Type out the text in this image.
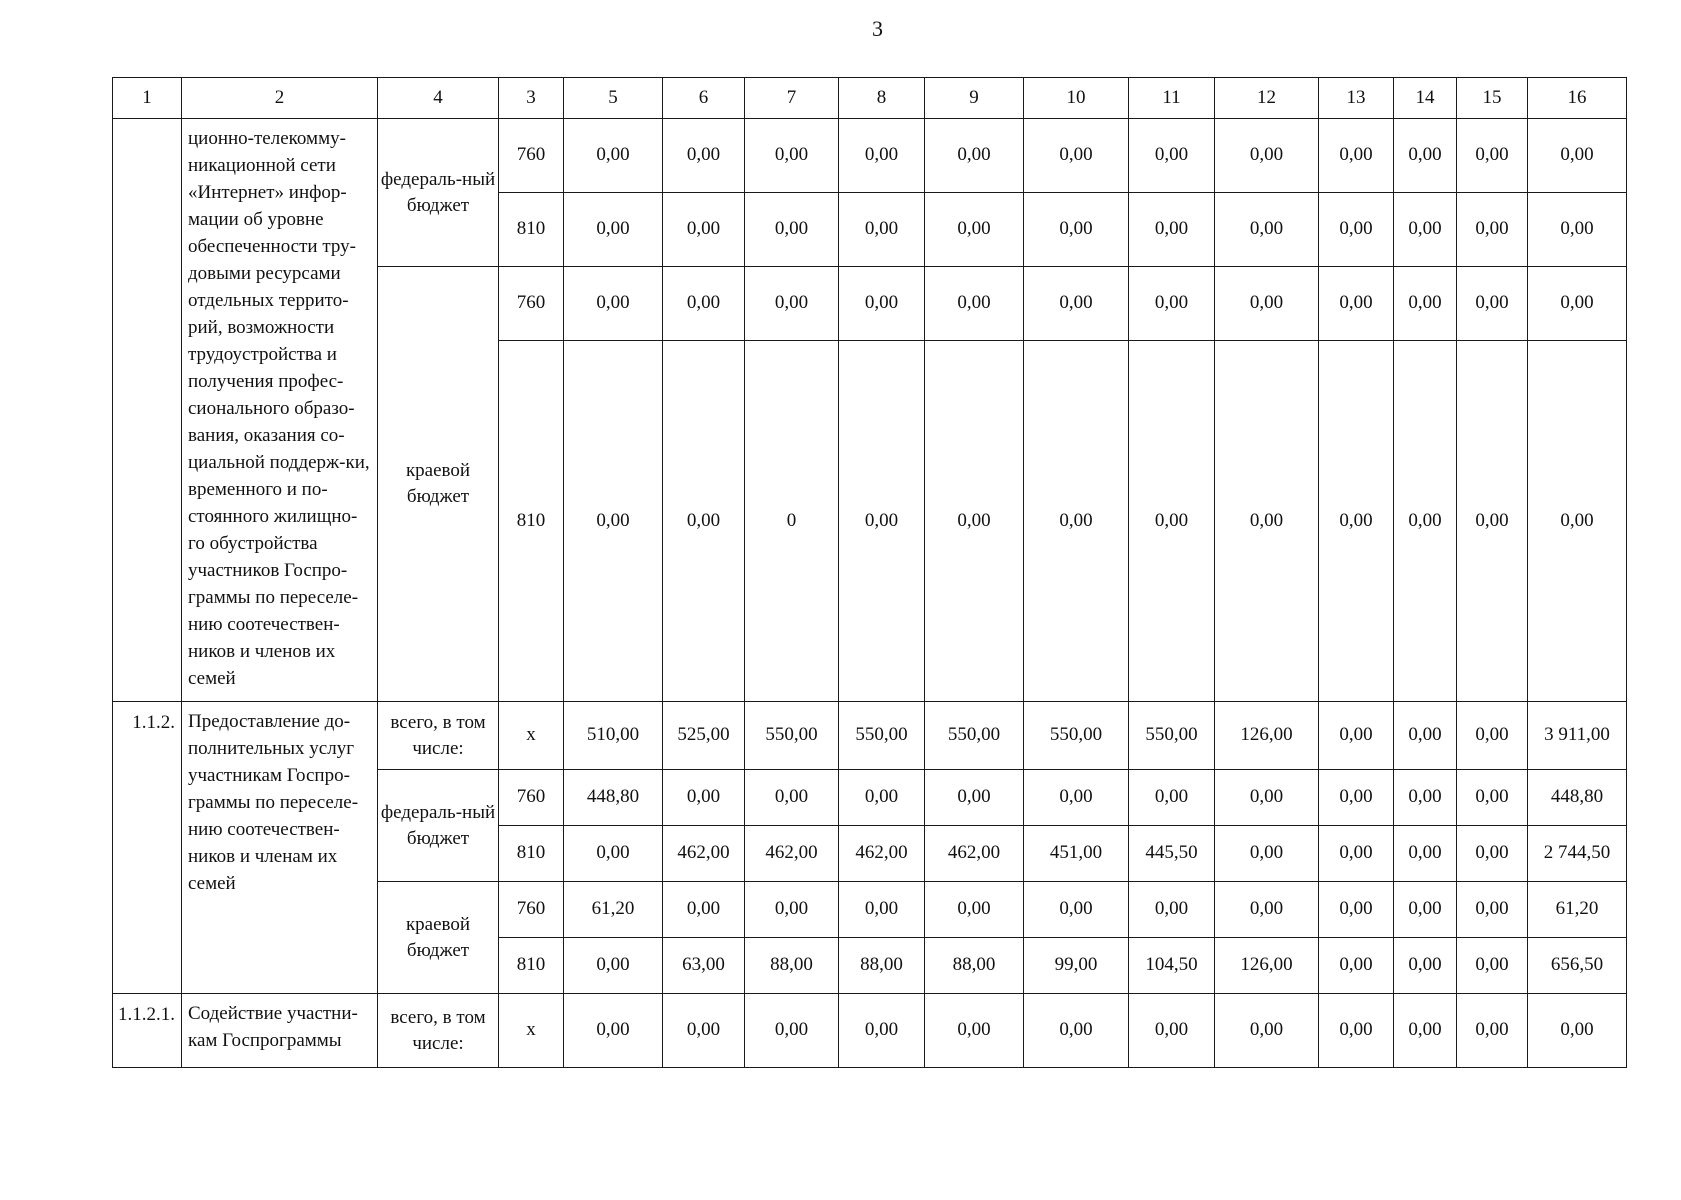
3
1	2	4	3	5	6	7	8	9	10	11	12	13	14	15	16
	ционно-телекомму-никационной сети «Интернет» инфор-мации об уровне обеспеченности тру-довыми ресурсами отдельных террито-рий, возможности трудоустройства и получения профес-сионального образо-вания, оказания со-циальной поддерж-ки, временного и по-стоянного жилищно-го обустройства участников Госпро-граммы по переселе-нию соотечествен-ников и членов их семей	федераль-ный бюджет	760	0,00	0,00	0,00	0,00	0,00	0,00	0,00	0,00	0,00	0,00	0,00	0,00
			810	0,00	0,00	0,00	0,00	0,00	0,00	0,00	0,00	0,00	0,00	0,00	0,00
		краевой бюджет	760	0,00	0,00	0,00	0,00	0,00	0,00	0,00	0,00	0,00	0,00	0,00	0,00
			810	0,00	0,00	0	0,00	0,00	0,00	0,00	0,00	0,00	0,00	0,00	0,00
1.1.2.	Предоставление до-полнительных услуг участникам Госпро-граммы по переселе-нию соотечествен-ников и членам их семей	всего, в том числе:	х	510,00	525,00	550,00	550,00	550,00	550,00	550,00	126,00	0,00	0,00	0,00	3 911,00
		федераль-ный бюджет	760	448,80	0,00	0,00	0,00	0,00	0,00	0,00	0,00	0,00	0,00	0,00	448,80
			810	0,00	462,00	462,00	462,00	462,00	451,00	445,50	0,00	0,00	0,00	0,00	2 744,50
		краевой бюджет	760	61,20	0,00	0,00	0,00	0,00	0,00	0,00	0,00	0,00	0,00	0,00	61,20
			810	0,00	63,00	88,00	88,00	88,00	99,00	104,50	126,00	0,00	0,00	0,00	656,50
1.1.2.1.	Содействие участни-кам Госпрограммы	всего, в том числе:	х	0,00	0,00	0,00	0,00	0,00	0,00	0,00	0,00	0,00	0,00	0,00	0,00
